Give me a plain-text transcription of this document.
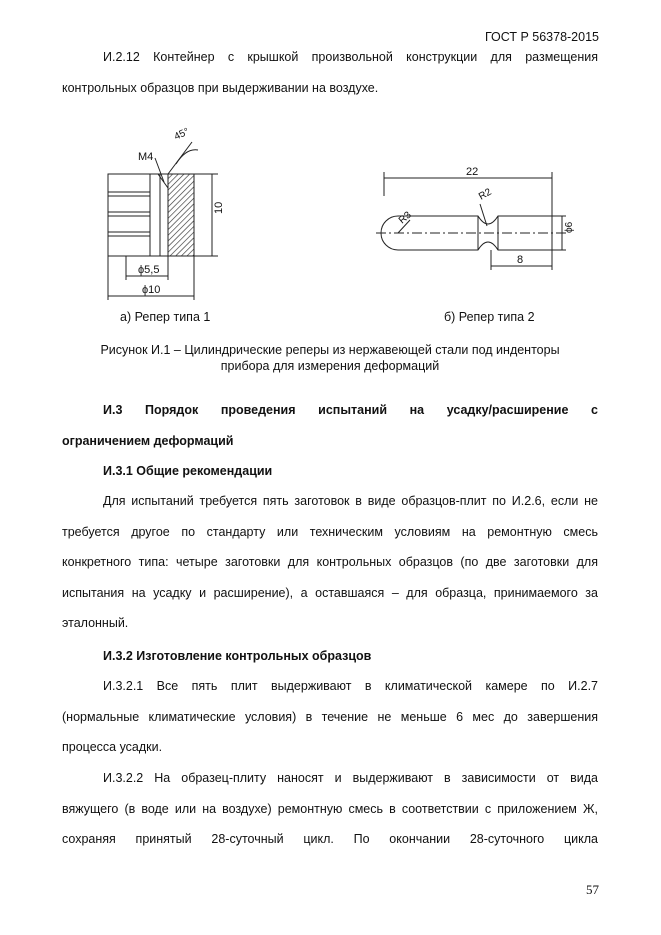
ГОСТ Р 56378-2015
И.2.12 Контейнер с крышкой произвольной конструкции для размещения
контрольных образцов при выдерживании на воздухе.
M4
45°
10
ϕ5,5
ϕ10
22
R2
R3
ϕ6
8
а) Репер типа 1	б) Репер типа 2
Рисунок И.1 – Цилиндрические реперы из нержавеющей стали под инденторы
прибора для измерения деформаций
И.3 Порядок проведения испытаний на усадку/расширение с
ограничением деформаций
И.3.1 Общие рекомендации
Для испытаний требуется пять заготовок в виде образцов-плит по И.2.6, если не
требуется другое по стандарту или техническим условиям на ремонтную смесь
конкретного типа: четыре заготовки для контрольных образцов (по две заготовки для
испытания на усадку и расширение), а оставшаяся – для образца, принимаемого за
эталонный.
И.3.2 Изготовление контрольных образцов
И.3.2.1 Все пять плит выдерживают в климатической камере по И.2.7
(нормальные климатические условия) в течение не меньше 6 мес до завершения
процесса усадки.
И.3.2.2 На образец-плиту наносят и выдерживают в зависимости от вида
вяжущего (в воде или на воздухе) ремонтную смесь в соответствии с приложением Ж,
сохраняя принятый 28-суточный цикл. По окончании 28-суточного цикла
57
